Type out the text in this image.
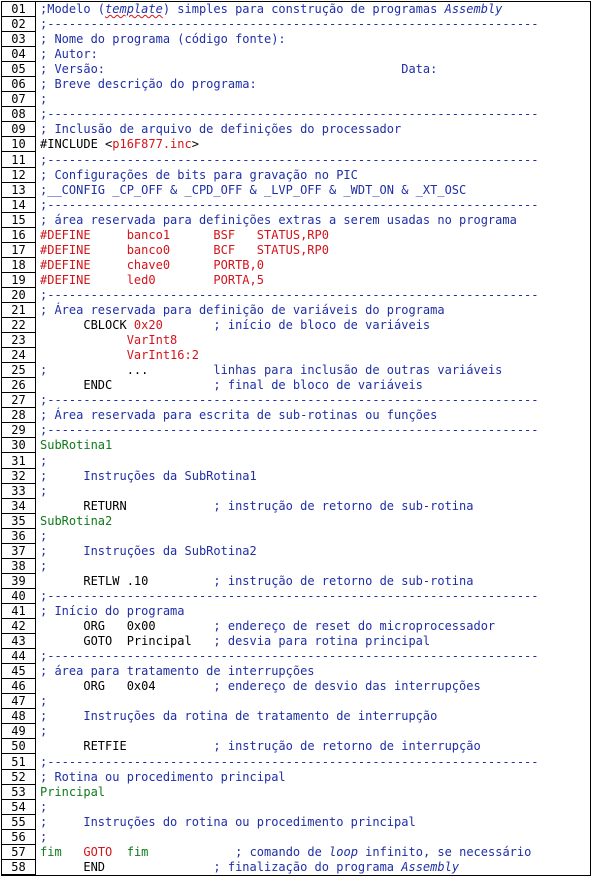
01	;Modelo (template) simples para construção de programas Assembly
02	;--------------------------------------------------------------------
03	; Nome do programa (código fonte):
04	; Autor:
05	; Versão:                                         Data:
06	; Breve descrição do programa:
07	;
08	;--------------------------------------------------------------------
09	; Inclusão de arquivo de definições do processador
10	#INCLUDE <p16F877.inc>
11	;--------------------------------------------------------------------
12	; Configurações de bits para gravação no PIC
13	;__CONFIG _CP_OFF & _CPD_OFF & _LVP_OFF & _WDT_ON & _XT_OSC
14	;--------------------------------------------------------------------
15	; área reservada para definições extras a serem usadas no programa
16	#DEFINE     banco1      BSF   STATUS,RP0
17	#DEFINE     banco0      BCF   STATUS,RP0
18	#DEFINE     chave0      PORTB,0
19	#DEFINE     led0        PORTA,5
20	;--------------------------------------------------------------------
21	; Área reservada para definição de variáveis do programa
22	CBLOCK 0x20       ; início de bloco de variáveis
23	VarInt8
24	VarInt16:2
25	;           ...         linhas para inclusão de outras variáveis
26	ENDC              ; final de bloco de variáveis
27	;--------------------------------------------------------------------
28	; Área reservada para escrita de sub-rotinas ou funções
29	;--------------------------------------------------------------------
30	SubRotina1
31	;
32	;     Instruções da SubRotina1
33	;
34	RETURN            ; instrução de retorno de sub-rotina
35	SubRotina2
36	;
37	;     Instruções da SubRotina2
38	;
39	RETLW .10         ; instrução de retorno de sub-rotina
40	;--------------------------------------------------------------------
41	; Início do programa
42	ORG   0x00        ; endereço de reset do microprocessador
43	GOTO  Principal   ; desvia para rotina principal
44	;--------------------------------------------------------------------
45	; área para tratamento de interrupções
46	ORG   0x04        ; endereço de desvio das interrupções
47	;
48	;     Instruções da rotina de tratamento de interrupção
49	;
50	RETFIE            ; instrução de retorno de interrupção
51	;--------------------------------------------------------------------
52	; Rotina ou procedimento principal
53	Principal
54	;
55	;     Instruções do rotina ou procedimento principal
56	;
57	fim GOTO fim            ; comando de loop infinito, se necessário
58	END               ; finalização do programa Assembly
